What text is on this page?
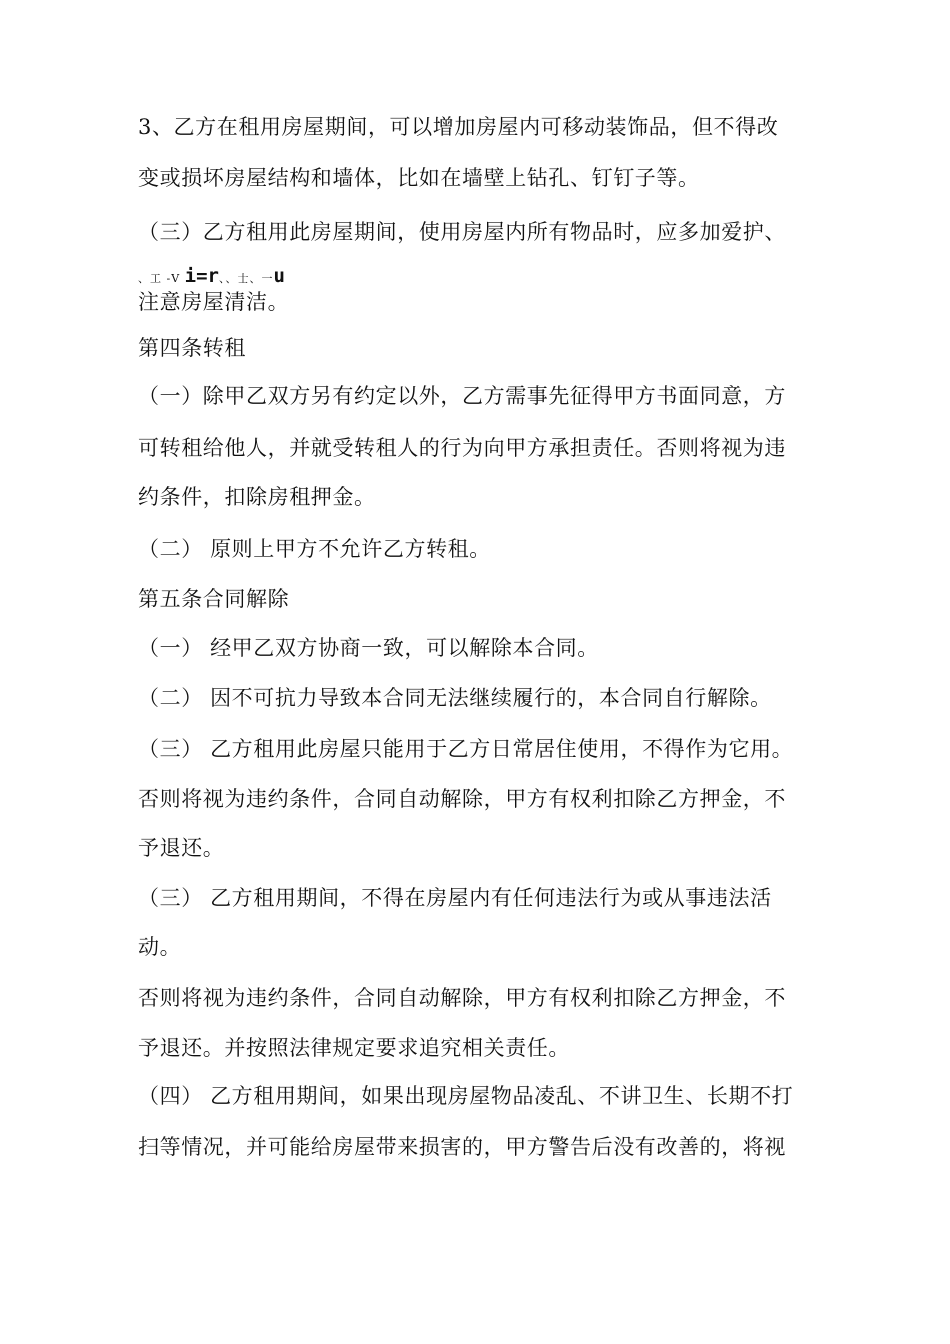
3、乙方在租用房屋期间，可以增加房屋内可移动装饰品，但不得改
变或损坏房屋结构和墙体，比如在墙壁上钻孔、钉钉子等。
（三）乙方租用此房屋期间，使用房屋内所有物品时，应多加爱护、
、工 -Ⅴ i=r、、士、一u
注意房屋清洁。
第四条转租
（一）除甲乙双方另有约定以外，乙方需事先征得甲方书面同意，方
可转租给他人，并就受转租人的行为向甲方承担责任。否则将视为违
约条件，扣除房租押金。
（二） 原则上甲方不允许乙方转租。
第五条合同解除
（一） 经甲乙双方协商一致，可以解除本合同。
（二） 因不可抗力导致本合同无法继续履行的，本合同自行解除。
（三） 乙方租用此房屋只能用于乙方日常居住使用，不得作为它用。
否则将视为违约条件，合同自动解除，甲方有权利扣除乙方押金，不
予退还。
（三） 乙方租用期间，不得在房屋内有任何违法行为或从事违法活
动。
否则将视为违约条件，合同自动解除，甲方有权利扣除乙方押金，不
予退还。并按照法律规定要求追究相关责任。
（四） 乙方租用期间，如果出现房屋物品凌乱、不讲卫生、长期不打
扫等情况，并可能给房屋带来损害的，甲方警告后没有改善的，将视
